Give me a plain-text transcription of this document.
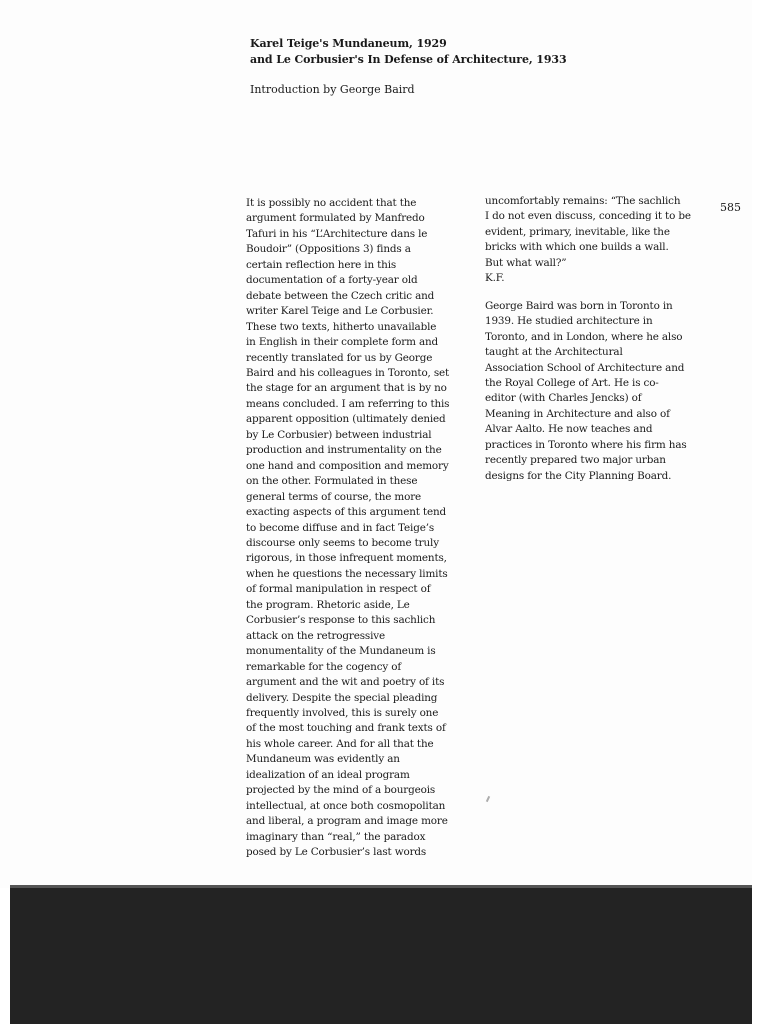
Karel Teige's Mundaneum, 1929
and Le Corbusier's In Defense of Architecture, 1933
Introduction by George Baird
585
It is possibly no accident that the
argument formulated by Manfredo
Tafuri in his “L’Architecture dans le
Boudoir” (Oppositions 3) finds a
certain reflection here in this
documentation of a forty-year old
debate between the Czech critic and
writer Karel Teige and Le Corbusier.
These two texts, hitherto unavailable
in English in their complete form and
recently translated for us by George
Baird and his colleagues in Toronto, set
the stage for an argument that is by no
means concluded. I am referring to this
apparent opposition (ultimately denied
by Le Corbusier) between industrial
production and instrumentality on the
one hand and composition and memory
on the other. Formulated in these
general terms of course, the more
exacting aspects of this argument tend
to become diffuse and in fact Teige’s
discourse only seems to become truly
rigorous, in those infrequent moments,
when he questions the necessary limits
of formal manipulation in respect of
the program. Rhetoric aside, Le
Corbusier’s response to this sachlich
attack on the retrogressive
monumentality of the Mundaneum is
remarkable for the cogency of
argument and the wit and poetry of its
delivery. Despite the special pleading
frequently involved, this is surely one
of the most touching and frank texts of
his whole career. And for all that the
Mundaneum was evidently an
idealization of an ideal program
projected by the mind of a bourgeois
intellectual, at once both cosmopolitan
and liberal, a program and image more
imaginary than “real,” the paradox
posed by Le Corbusier’s last words
uncomfortably remains: “The sachlich
I do not even discuss, conceding it to be
evident, primary, inevitable, like the
bricks with which one builds a wall.
But what wall?”
K.F.
George Baird was born in Toronto in
1939. He studied architecture in
Toronto, and in London, where he also
taught at the Architectural
Association School of Architecture and
the Royal College of Art. He is co-
editor (with Charles Jencks) of
Meaning in Architecture and also of
Alvar Aalto. He now teaches and
practices in Toronto where his firm has
recently prepared two major urban
designs for the City Planning Board.
